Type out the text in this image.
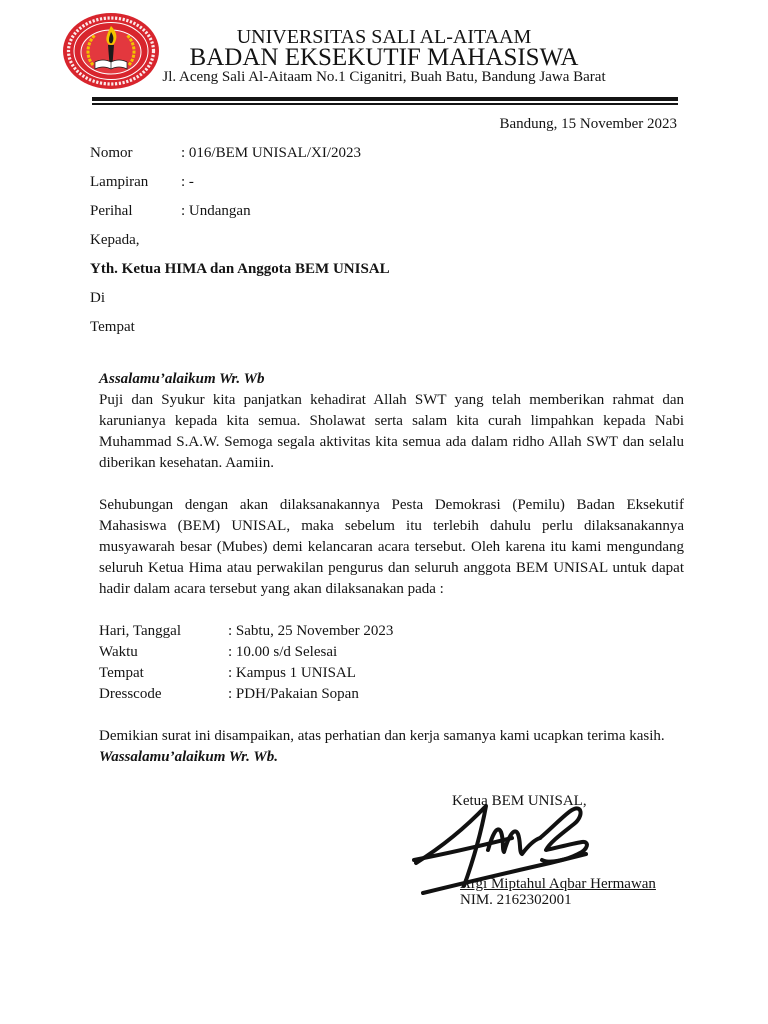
UNIVERSITAS SALI AL-AITAAM
BADAN EKSEKUTIF MAHASISWA
Jl. Aceng Sali Al-Aitaam No.1 Ciganitri, Buah Batu, Bandung Jawa Barat
Bandung, 15 November 2023
Nomor	: 016/BEM UNISAL/XI/2023
Lampiran	: -
Perihal	: Undangan
Kepada,
Yth. Ketua HIMA dan Anggota BEM UNISAL
Di
Tempat
Assalamu’alaikum Wr. Wb
Puji dan Syukur kita panjatkan kehadirat Allah SWT yang telah memberikan rahmat dan
karunianya kepada kita semua. Sholawat serta salam kita curah limpahkan kepada Nabi
Muhammad S.A.W. Semoga segala aktivitas kita semua ada dalam ridho Allah SWT dan selalu
diberikan kesehatan. Aamiin.
Sehubungan dengan akan dilaksanakannya Pesta Demokrasi (Pemilu) Badan Eksekutif
Mahasiswa (BEM) UNISAL, maka sebelum itu terlebih dahulu perlu dilaksanakannya
musyawarah besar (Mubes) demi kelancaran acara tersebut. Oleh karena itu kami mengundang
seluruh Ketua Hima atau perwakilan pengurus dan seluruh anggota BEM UNISAL untuk dapat
hadir dalam acara tersebut yang akan dilaksanakan pada :
Hari, Tanggal	: Sabtu, 25 November 2023
Waktu	: 10.00 s/d Selesai
Tempat	: Kampus 1 UNISAL
Dresscode	: PDH/Pakaian Sopan
Demikian surat ini disampaikan, atas perhatian dan kerja samanya kami ucapkan terima kasih.
Wassalamu’alaikum Wr. Wb.
Ketua BEM UNISAL,
Argi Miptahul Aqbar Hermawan
NIM. 2162302001
